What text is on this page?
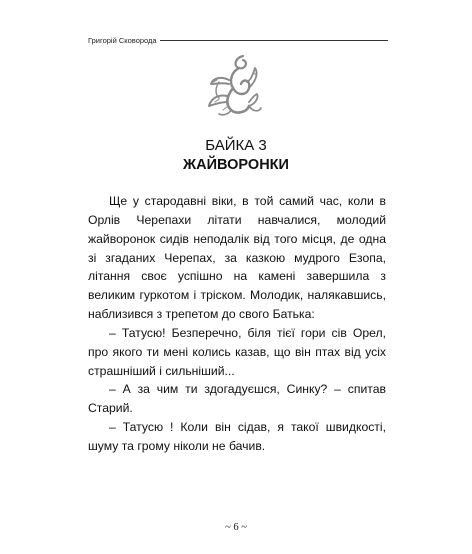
Григорій Сковорода
БАЙКА 3
ЖАЙВОРОНКИ

Ще у стародавні віки, в той самий час, коли в Орлів Черепахи літати навчалися, молодий жайворонок сидів неподалік від того місця, де одна зі згаданих Черепах, за казкою мудрого Езопа, літання своє успішно на камені завершила з великим гуркотом і тріском. Молодик, налякавшись, наблизився з трепетом до свого Батька:

– Татусю! Безперечно, біля тієї гори сів Орел, про якого ти мені колись казав, що він птах від усіх страшніший і сильніший...

– А за чим ти здогадуєшся, Синку? – спитав Старий.

– Татусю ! Коли він сідав, я такої швидкості, шуму та грому ніколи не бачив.

~ 6 ~
